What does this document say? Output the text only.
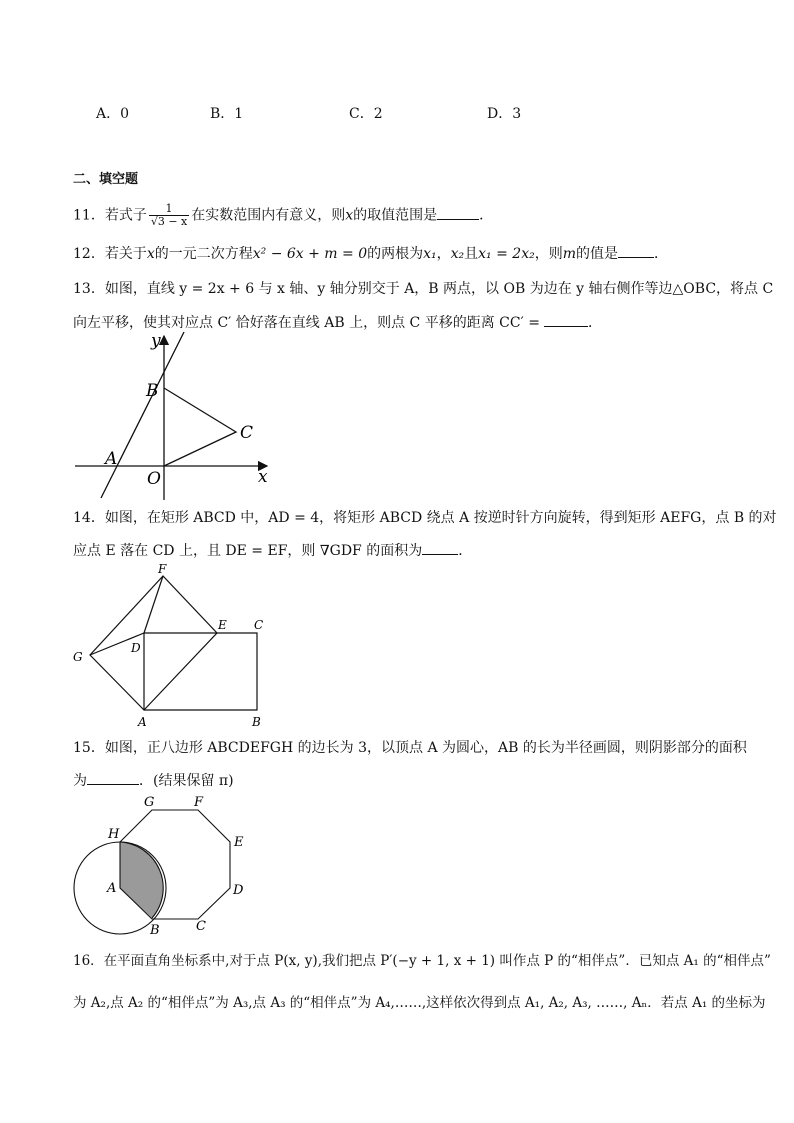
A．0	B．1	C．2	D．3
二、填空题
11．若式子 $\frac{1}{√3 - x}$ 在实数范围内有意义，则x的取值范围是	．
12．若关于x的一元二次方程x² − 6x + m = 0的两根为x₁，x₂且x₁ = 2x₂，则m的值是	．
13．如图，直线 y = 2x + 6 与 x 轴、y 轴分别交于 A，B 两点，以 OB 为边在 y 轴右侧作等边△OBC，将点 C
向左平移，使其对应点 C′ 恰好落在直线 AB 上，则点 C 平移的距离 CC′ =	．
y
x
O
A
B
C
14．如图，在矩形 ABCD 中，AD = 4，将矩形 ABCD 绕点 A 按逆时针方向旋转，得到矩形 AEFG，点 B 的对
应点 E 落在 CD 上，且 DE = EF，则 ∇GDF 的面积为	．
F
E C
D
G
A	B
15．如图，正八边形 ABCDEFGH 的边长为 3，以顶点 A 为圆心，AB 的长为半径画圆，则阴影部分的面积
为	．(结果保留 π)
G	F
H
E
A	D
B	C
16．在平面直角坐标系中,对于点 P(x, y),我们把点 P′(−y + 1, x + 1) 叫作点 P 的“相伴点”．已知点 A₁ 的“相伴点”
为 A₂,点 A₂ 的“相伴点”为 A₃,点 A₃ 的“相伴点”为 A₄,……,这样依次得到点 A₁, A₂, A₃, ……, Aₙ．若点 A₁ 的坐标为
